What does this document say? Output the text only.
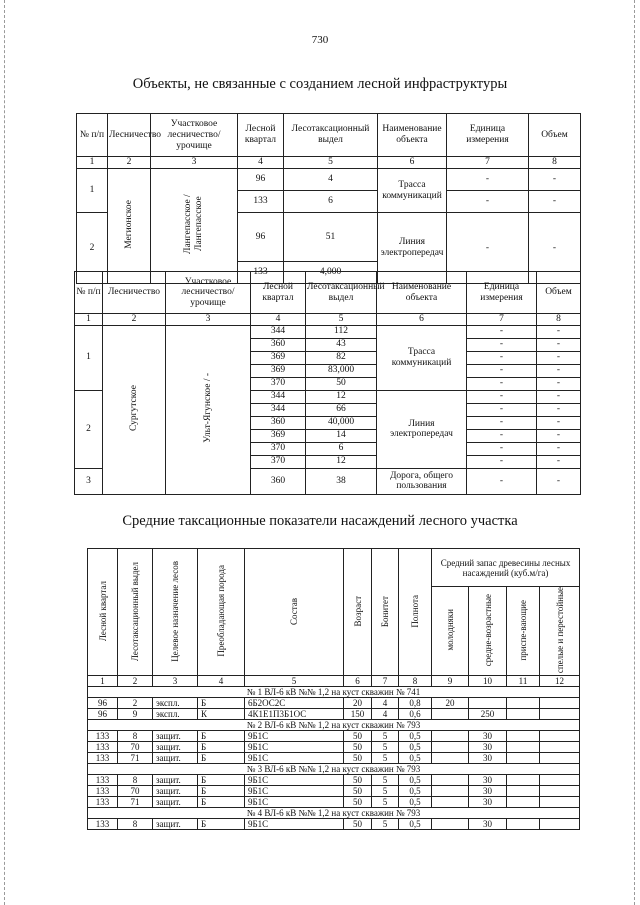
730
Объекты, не связанные с созданием лесной инфраструктуры
№ п/п	Лесничество	Участковое лесничество/урочище	Лесной квартал	Лесотаксационный выдел	Наименование объекта	Единица измерения	Объем
1	2	3	4	5	6	7	8
1	Мегионское	Лангепасское /Лангепасское	96	4	Трасса коммуникаций	-	-
			133	6		-	-
2			96	51	Линия электропередач	-	-
			133	4,000			
№ п/п	Лесничество	Участковое лесничество/урочище	Лесной квартал	Лесотаксационный выдел	Наименование объекта	Единица измерения	Объем
1	2	3	4	5	6	7	8
1	Сургутское	Ульт-Ягунское / -	344	112	Трасса коммуникаций	-	-
			360	43		-	-
			369	82		-	-
			369	83,000		-	-
			370	50		-	-
2			344	12	Линия электропередач	-	-
			344	66		-	-
			360	40,000		-	-
			369	14		-	-
			370	6		-	-
			370	12		-	-
3			360	38	Дорога, общего пользования	-	-
Средние таксационные показатели насаждений лесного участка
Лесной квартал	Лесотаксационный выдел	Целевое назначение лесов	Преобладающая порода	Состав	Возраст	Бонитет	Полнота	Средний запас древесины лесных насаждений (куб.м/га)			
								молодняки	средне-возрастные	приспе-вающие	спелые и перестойные
1	2	3	4	5	6	7	8	9	10	11	12
№ 1 ВЛ-6 кВ №№ 1,2 на куст скважин № 741											
96	2	экспл.	Б	6Б2ОС2С	20	4	0,8	20			
96	9	экспл.	К	4К1Е1П3Б1ОС	150	4	0,6		250		
№ 2 ВЛ-6 кВ №№ 1,2 на куст скважин № 793											
133	8	защит.	Б	9Б1С	50	5	0,5		30		
133	70	защит.	Б	9Б1С	50	5	0,5		30		
133	71	защит.	Б	9Б1С	50	5	0,5		30		
№ 3 ВЛ-6 кВ №№ 1,2 на куст скважин № 793											
133	8	защит.	Б	9Б1С	50	5	0,5		30		
133	70	защит.	Б	9Б1С	50	5	0,5		30		
133	71	защит.	Б	9Б1С	50	5	0,5		30		
№ 4 ВЛ-6 кВ №№ 1,2 на куст скважин № 793											
133	8	защит.	Б	9Б1С	50	5	0,5		30		
